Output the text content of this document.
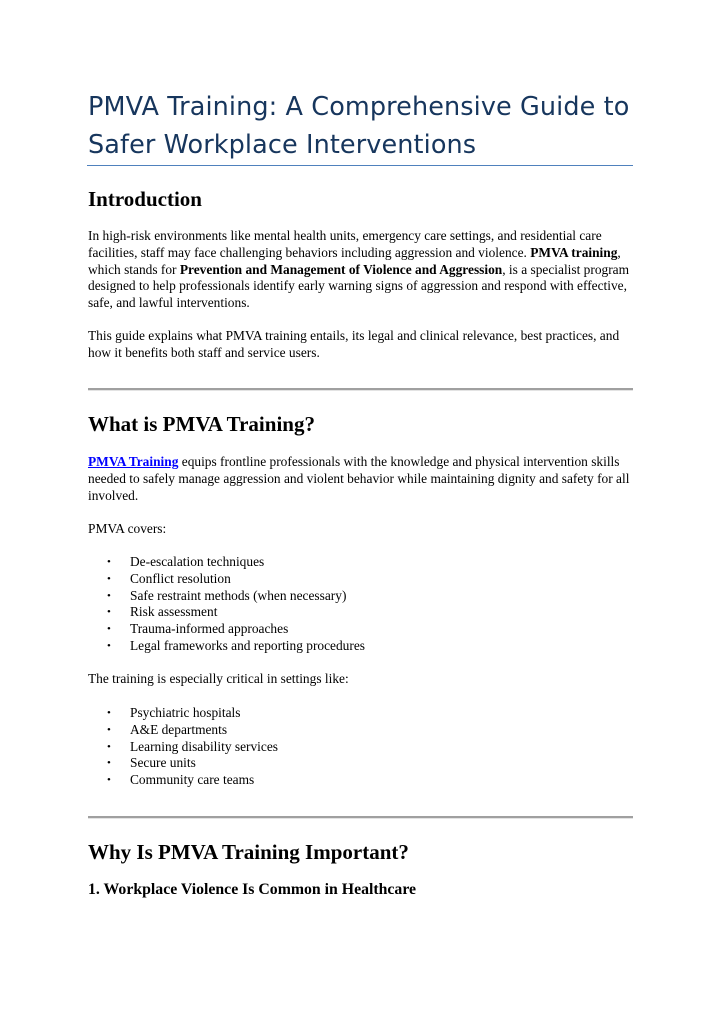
PMVA Training: A Comprehensive Guide to Safer Workplace Interventions
Introduction

In high-risk environments like mental health units, emergency care settings, and residential care facilities, staff may face challenging behaviors including aggression and violence. PMVA training, which stands for Prevention and Management of Violence and Aggression, is a specialist program designed to help professionals identify early warning signs of aggression and respond with effective, safe, and lawful interventions.

This guide explains what PMVA training entails, its legal and clinical relevance, best practices, and how it benefits both staff and service users.

What is PMVA Training?

PMVA Training equips frontline professionals with the knowledge and physical intervention skills needed to safely manage aggression and violent behavior while maintaining dignity and safety for all involved.

PMVA covers:

• De-escalation techniques
• Conflict resolution
• Safe restraint methods (when necessary)
• Risk assessment
• Trauma-informed approaches
• Legal frameworks and reporting procedures

The training is especially critical in settings like:

• Psychiatric hospitals
• A&E departments
• Learning disability services
• Secure units
• Community care teams
Why Is PMVA Training Important?
1. Workplace Violence Is Common in Healthcare
